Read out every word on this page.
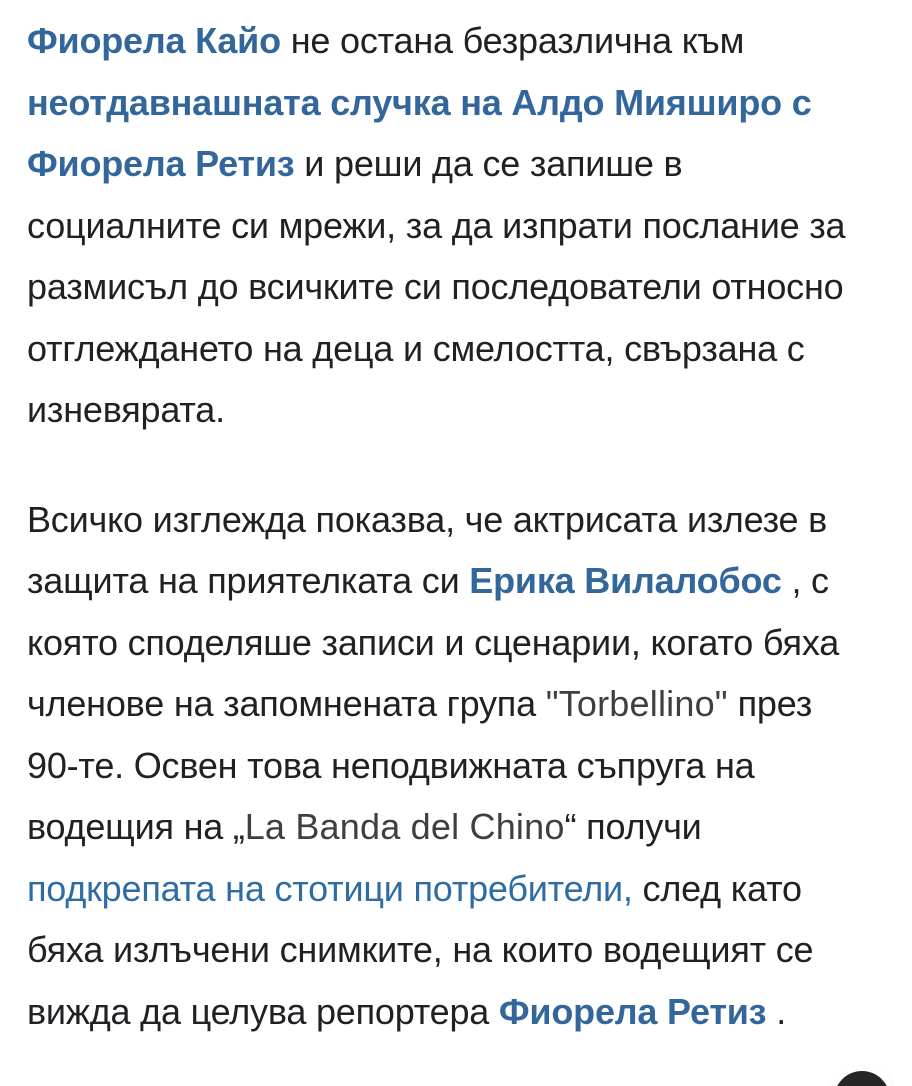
Фиорела Кайо не остана безразлична към
неотдавнашната случка на Алдо Мияширо с
Фиорела Ретиз и реши да се запише в
социалните си мрежи, за да изпрати послание за
размисъл до всичките си последователи относно
отглеждането на деца и смелостта, свързана с
изневярата.

Всичко изглежда показва, че актрисата излезе в
защита на приятелката си Ерика Вилалобос , с
която споделяше записи и сценарии, когато бяха
членове на запомнената група "Torbellino" през
90-те. Освен това неподвижната съпруга на
водещия на „La Banda del Chino“ получи
подкрепата на стотици потребители, след като
бяха излъчени снимките, на които водещият се
вижда да целува репортера Фиорела Ретиз .
